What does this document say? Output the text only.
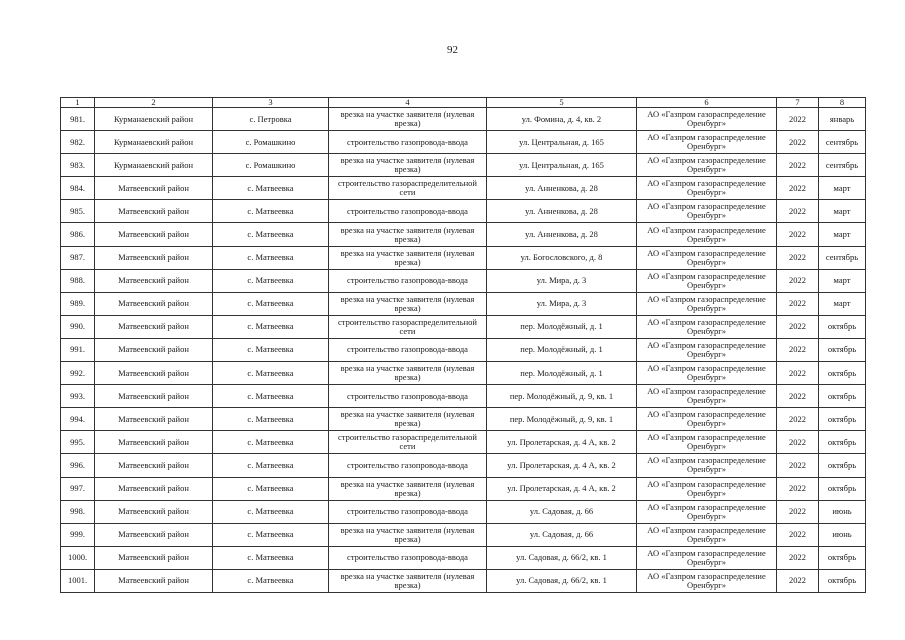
92
1	2	3	4	5	6	7	8
981.	Курманаевский район	с. Петровка	врезка на участке заявителя (нулевая врезка)	ул. Фомина, д. 4, кв. 2	АО «Газпром газораспределение Оренбург»	2022	январь
982.	Курманаевский район	с. Ромашкино	строительство газопровода-ввода	ул. Центральная, д. 165	АО «Газпром газораспределение Оренбург»	2022	сентябрь
983.	Курманаевский район	с. Ромашкино	врезка на участке заявителя (нулевая врезка)	ул. Центральная, д. 165	АО «Газпром газораспределение Оренбург»	2022	сентябрь
984.	Матвеевский район	с. Матвеевка	строительство газораспределительной сети	ул. Анненкова, д. 28	АО «Газпром газораспределение Оренбург»	2022	март
985.	Матвеевский район	с. Матвеевка	строительство газопровода-ввода	ул. Анненкова, д. 28	АО «Газпром газораспределение Оренбург»	2022	март
986.	Матвеевский район	с. Матвеевка	врезка на участке заявителя (нулевая врезка)	ул. Анненкова, д. 28	АО «Газпром газораспределение Оренбург»	2022	март
987.	Матвеевский район	с. Матвеевка	врезка на участке заявителя (нулевая врезка)	ул. Богословского, д. 8	АО «Газпром газораспределение Оренбург»	2022	сентябрь
988.	Матвеевский район	с. Матвеевка	строительство газопровода-ввода	ул. Мира, д. 3	АО «Газпром газораспределение Оренбург»	2022	март
989.	Матвеевский район	с. Матвеевка	врезка на участке заявителя (нулевая врезка)	ул. Мира, д. 3	АО «Газпром газораспределение Оренбург»	2022	март
990.	Матвеевский район	с. Матвеевка	строительство газораспределительной сети	пер. Молодёжный, д. 1	АО «Газпром газораспределение Оренбург»	2022	октябрь
991.	Матвеевский район	с. Матвеевка	строительство газопровода-ввода	пер. Молодёжный, д. 1	АО «Газпром газораспределение Оренбург»	2022	октябрь
992.	Матвеевский район	с. Матвеевка	врезка на участке заявителя (нулевая врезка)	пер. Молодёжный, д. 1	АО «Газпром газораспределение Оренбург»	2022	октябрь
993.	Матвеевский район	с. Матвеевка	строительство газопровода-ввода	пер. Молодёжный, д. 9, кв. 1	АО «Газпром газораспределение Оренбург»	2022	октябрь
994.	Матвеевский район	с. Матвеевка	врезка на участке заявителя (нулевая врезка)	пер. Молодёжный, д. 9, кв. 1	АО «Газпром газораспределение Оренбург»	2022	октябрь
995.	Матвеевский район	с. Матвеевка	строительство газораспределительной сети	ул. Пролетарская, д. 4 А, кв. 2	АО «Газпром газораспределение Оренбург»	2022	октябрь
996.	Матвеевский район	с. Матвеевка	строительство газопровода-ввода	ул. Пролетарская, д. 4 А, кв. 2	АО «Газпром газораспределение Оренбург»	2022	октябрь
997.	Матвеевский район	с. Матвеевка	врезка на участке заявителя (нулевая врезка)	ул. Пролетарская, д. 4 А, кв. 2	АО «Газпром газораспределение Оренбург»	2022	октябрь
998.	Матвеевский район	с. Матвеевка	строительство газопровода-ввода	ул. Садовая, д. 66	АО «Газпром газораспределение Оренбург»	2022	июнь
999.	Матвеевский район	с. Матвеевка	врезка на участке заявителя (нулевая врезка)	ул. Садовая, д. 66	АО «Газпром газораспределение Оренбург»	2022	июнь
1000.	Матвеевский район	с. Матвеевка	строительство газопровода-ввода	ул. Садовая, д. 66/2, кв. 1	АО «Газпром газораспределение Оренбург»	2022	октябрь
1001.	Матвеевский район	с. Матвеевка	врезка на участке заявителя (нулевая врезка)	ул. Садовая, д. 66/2, кв. 1	АО «Газпром газораспределение Оренбург»	2022	октябрь
